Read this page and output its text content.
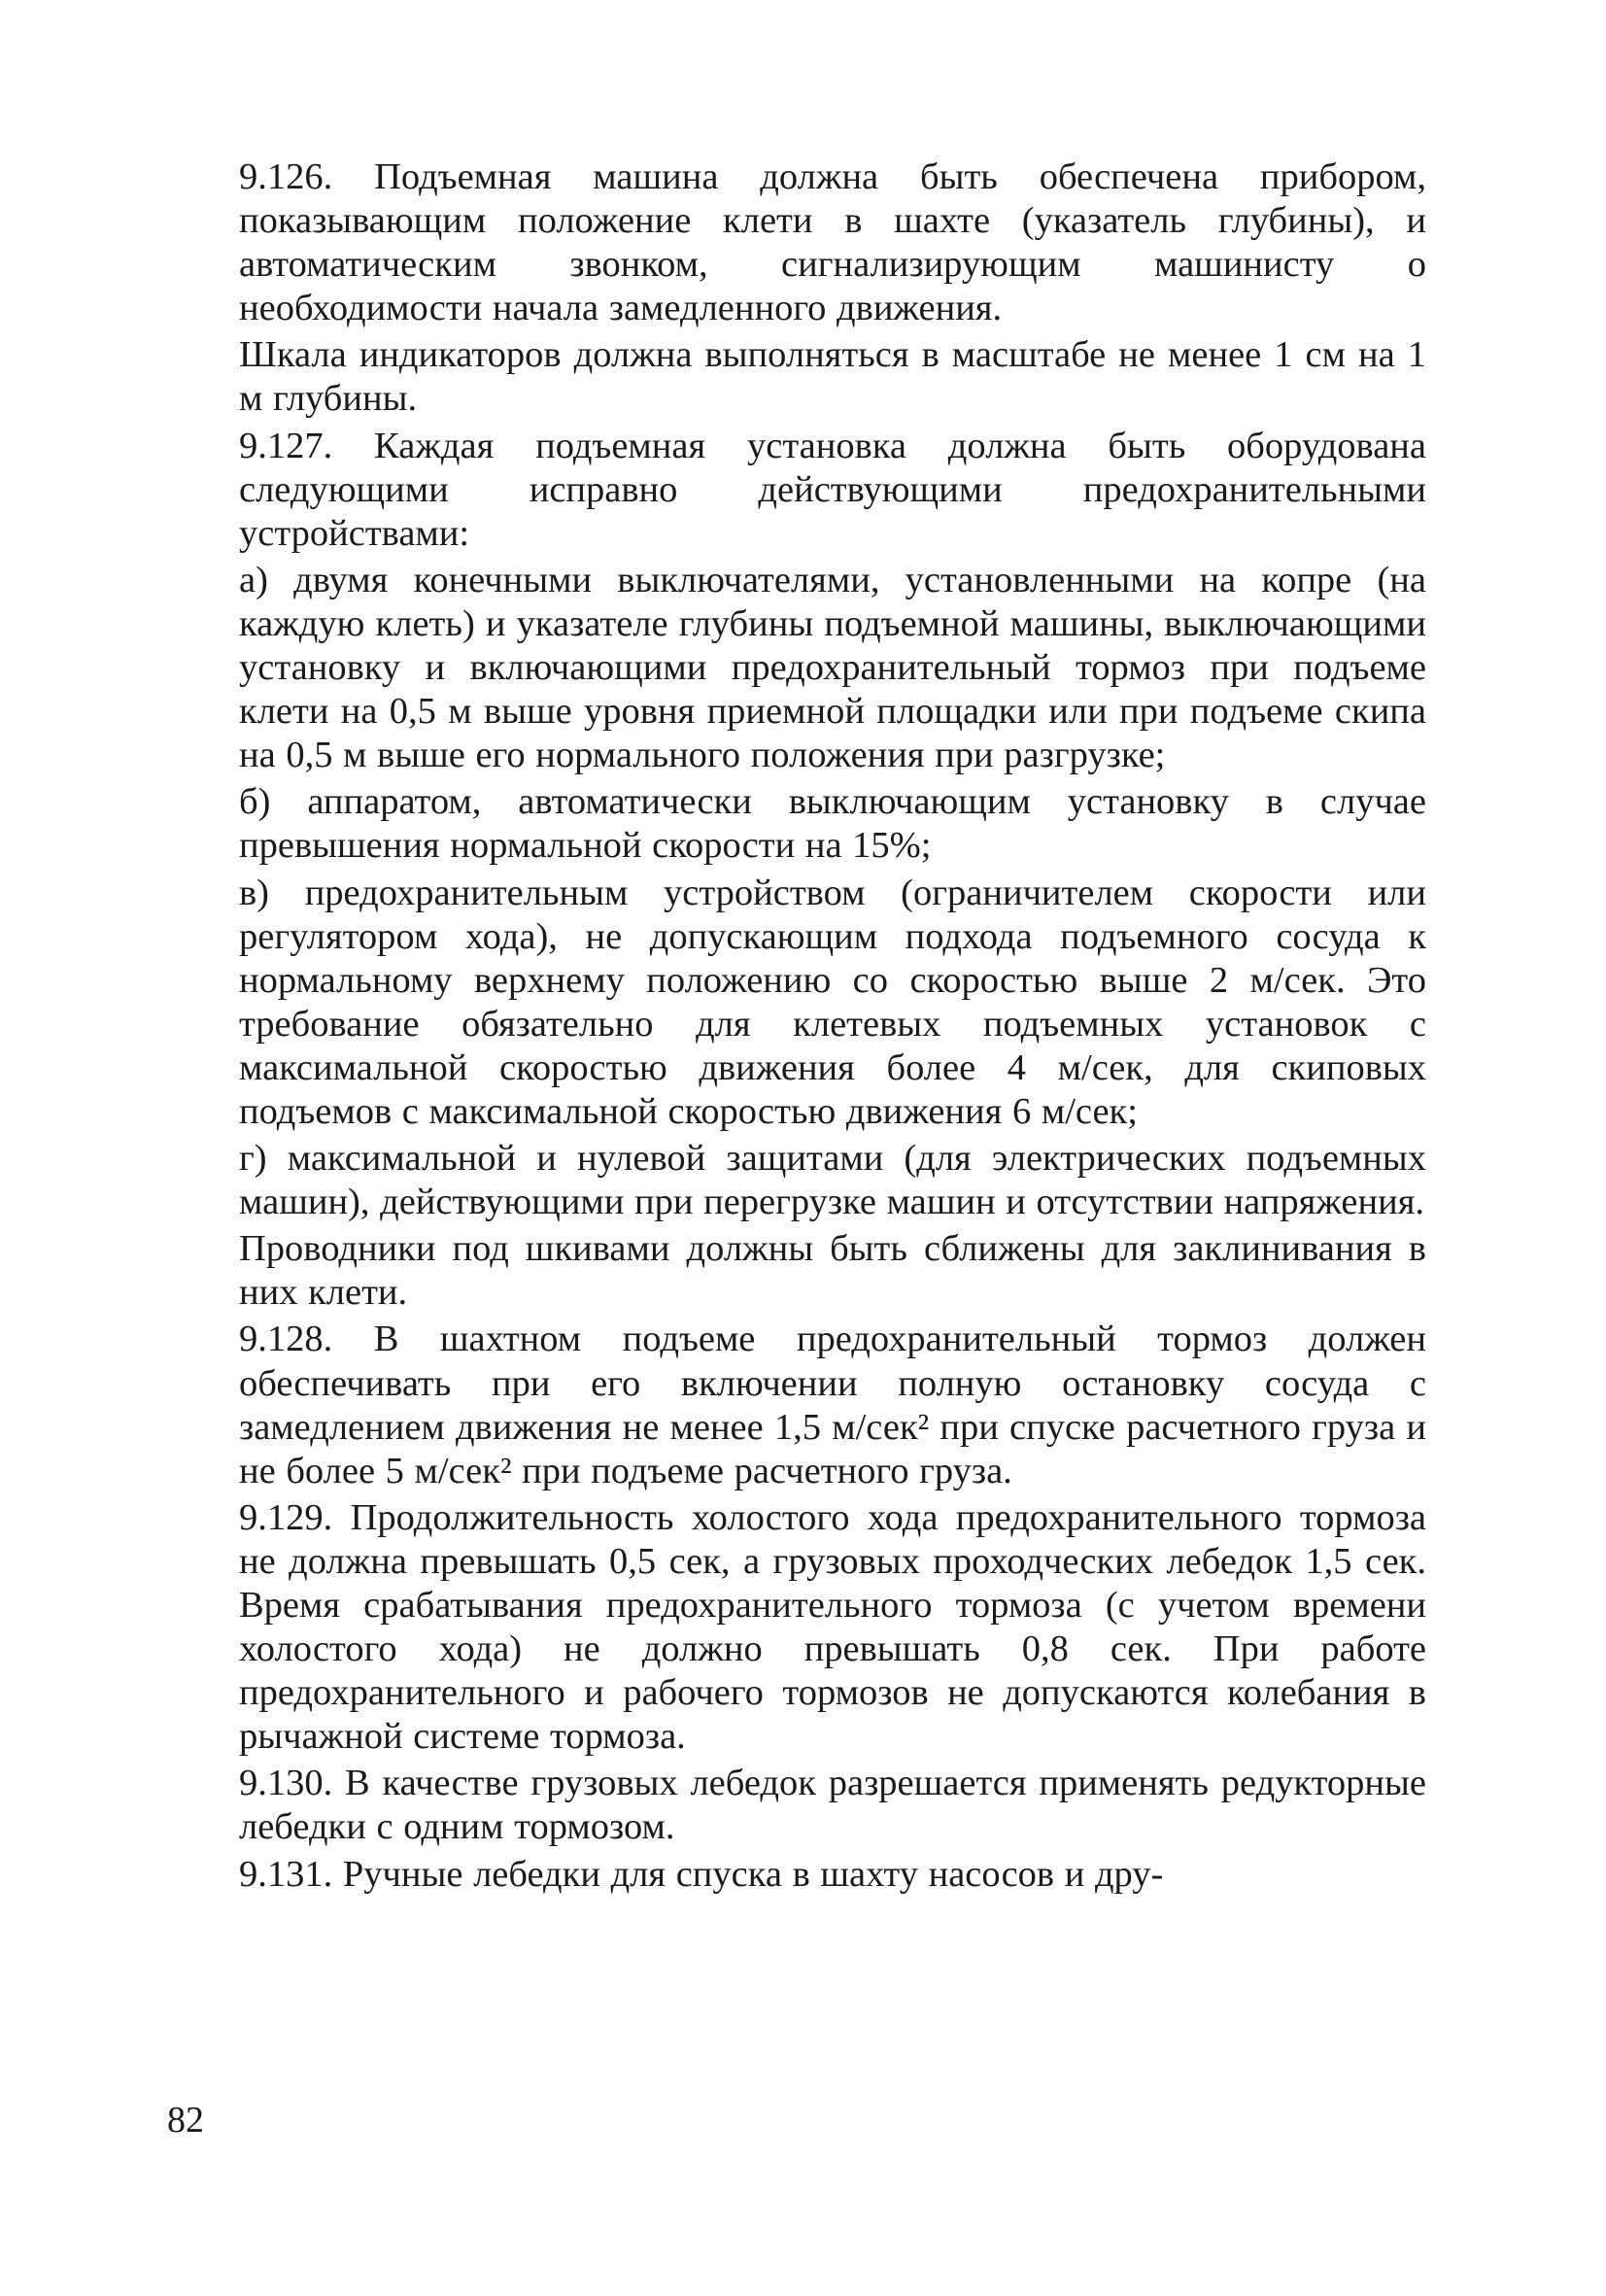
9.126. Подъемная машина должна быть обеспечена прибором, показывающим положение клети в шахте (указатель глубины), и автоматическим звонком, сигнализирующим машинисту о необходимости начала замедленного движения.

Шкала индикаторов должна выполняться в масштабе не менее 1 см на 1 м глубины.

9.127. Каждая подъемная установка должна быть оборудована следующими исправно действующими предохранительными устройствами:

а) двумя конечными выключателями, установленными на копре (на каждую клеть) и указателе глубины подъемной машины, выключающими установку и включающими предохранительный тормоз при подъеме клети на 0,5 м выше уровня приемной площадки или при подъеме скипа на 0,5 м выше его нормального положения при разгрузке;

б) аппаратом, автоматически выключающим установку в случае превышения нормальной скорости на 15%;

в) предохранительным устройством (ограничителем скорости или регулятором хода), не допускающим подхода подъемного сосуда к нормальному верхнему положению со скоростью выше 2 м/сек. Это требование обязательно для клетевых подъемных установок с максимальной скоростью движения более 4 м/сек, для скиповых подъемов с максимальной скоростью движения 6 м/сек;

г) максимальной и нулевой защитами (для электрических подъемных машин), действующими при перегрузке машин и отсутствии напряжения.

Проводники под шкивами должны быть сближены для заклинивания в них клети.

9.128. В шахтном подъеме предохранительный тормоз должен обеспечивать при его включении полную остановку сосуда с замедлением движения не менее 1,5 м/сек² при спуске расчетного груза и не более 5 м/сек² при подъеме расчетного груза.

9.129. Продолжительность холостого хода предохранительного тормоза не должна превышать 0,5 сек, а грузовых проходческих лебедок 1,5 сек. Время срабатывания предохранительного тормоза (с учетом времени холостого хода) не должно превышать 0,8 сек. При работе предохранительного и рабочего тормозов не допускаются колебания в рычажной системе тормоза.

9.130. В качестве грузовых лебедок разрешается применять редукторные лебедки с одним тормозом.

9.131. Ручные лебедки для спуска в шахту насосов и дру-

82
